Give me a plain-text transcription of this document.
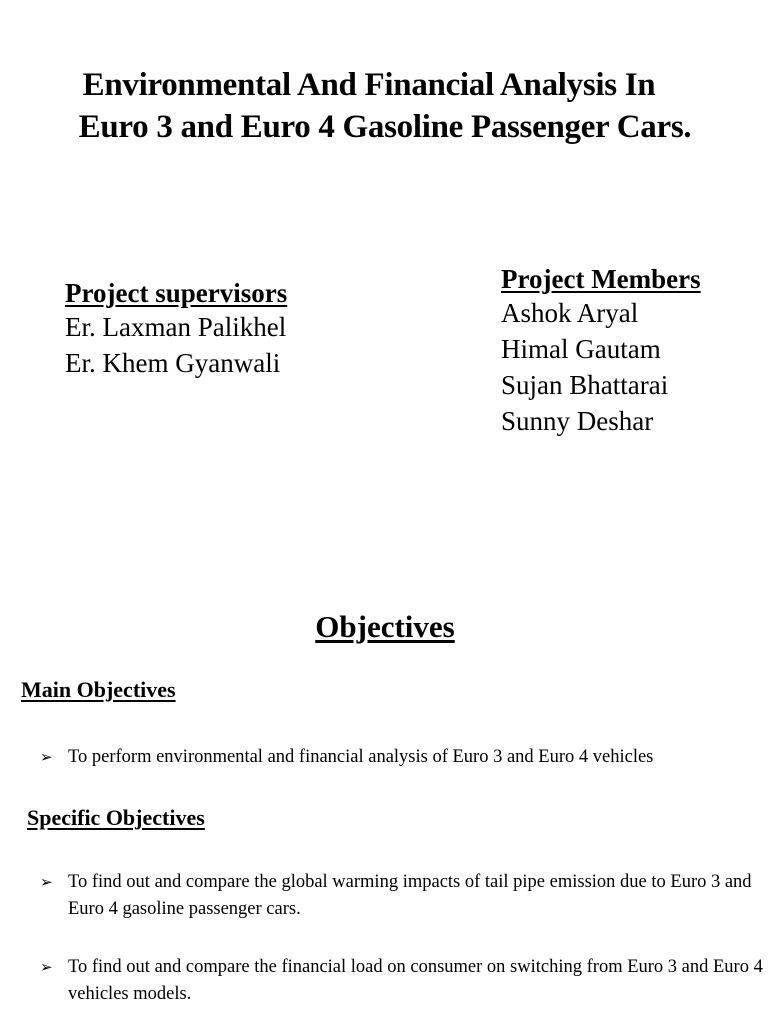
Environmental And Financial Analysis In
Euro 3 and Euro 4 Gasoline Passenger Cars.
Project supervisors
Er. Laxman Palikhel
Er. Khem Gyanwali
Project Members
Ashok Aryal
Himal Gautam
Sujan Bhattarai
Sunny Deshar
Objectives
Main Objectives
➢ To perform environmental and financial analysis of Euro 3 and Euro 4 vehicles
Specific Objectives
➢ To find out and compare the global warming impacts of tail pipe emission due to Euro 3 and Euro 4 gasoline passenger cars.
➢ To find out and compare the financial load on consumer on switching from Euro 3 and Euro 4 vehicles models.
